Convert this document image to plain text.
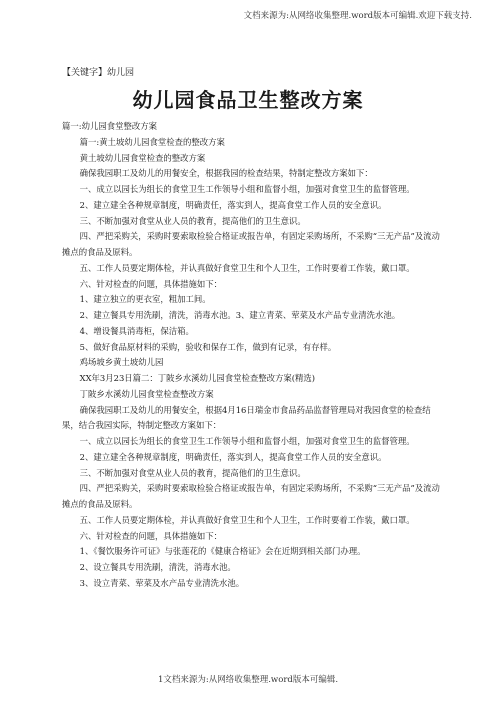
文档来源为:从网络收集整理.word版本可编辑.欢迎下载支持.
【关键字】幼儿园
幼儿园食品卫生整改方案

篇一:幼儿园食堂整改方案

篇一:黄土坡幼儿园食堂检查的整改方案

黄土坡幼儿园食堂检查的整改方案

确保我园职工及幼儿的用餐安全，根据我园的检查结果，特制定整改方案如下：

一、成立以园长为组长的食堂卫生工作领导小组和监督小组，加强对食堂卫生的监督管理。

2、建立建全各种规章制度，明确责任，落实到人，提高食堂工作人员的安全意识。

三、不断加强对食堂从业人员的教育，提高他们的卫生意识。

四、严把采购关，采购时要索取检验合格证或报告单，有固定采购场所，不采购“三无产品”及流动摊点的食品及原料。

五、工作人员要定期体检，并认真做好食堂卫生和个人卫生，工作时要着工作装，戴口罩。

六、针对检查的问题，具体措施如下：

1、建立独立的更衣室，粗加工间。

2、建立餐具专用洗刷，清洗，消毒水池。3、建立青菜、荤菜及水产品专业清洗水池。

4、增设餐具消毒柜，保洁箱。

5、做好食品原材料的采购，验收和保存工作，做到有记录，有存样。

鸡场坡乡黄土坡幼儿园

XX年3月23日篇二：丁陂乡水溪幼儿园食堂检查整改方案(精选)

丁陂乡水溪幼儿园食堂检查整改方案

确保我园职工及幼儿的用餐安全，根据4月16日瑞金市食品药品监督管理局对我园食堂的检查结果，结合我园实际，特制定整改方案如下：

一、成立以园长为组长的食堂卫生工作领导小组和监督小组，加强对食堂卫生的监督管理。

2、建立建全各种规章制度，明确责任，落实到人，提高食堂工作人员的安全意识。

三、不断加强对食堂从业人员的教育，提高他们的卫生意识。

四、严把采购关，采购时要索取检验合格证或报告单，有固定采购场所，不采购“三无产品”及流动摊点的食品及原料。

五、工作人员要定期体检，并认真做好食堂卫生和个人卫生，工作时要着工作装，戴口罩。

六、针对检查的问题，具体措施如下：

1、《餐饮服务许可证》与张莲花的《健康合格证》会在近期到相关部门办理。

2、设立餐具专用洗刷，清洗，消毒水池。

3、设立青菜、荤菜及水产品专业清洗水池。

1文档来源为:从网络收集整理.word版本可编辑.
